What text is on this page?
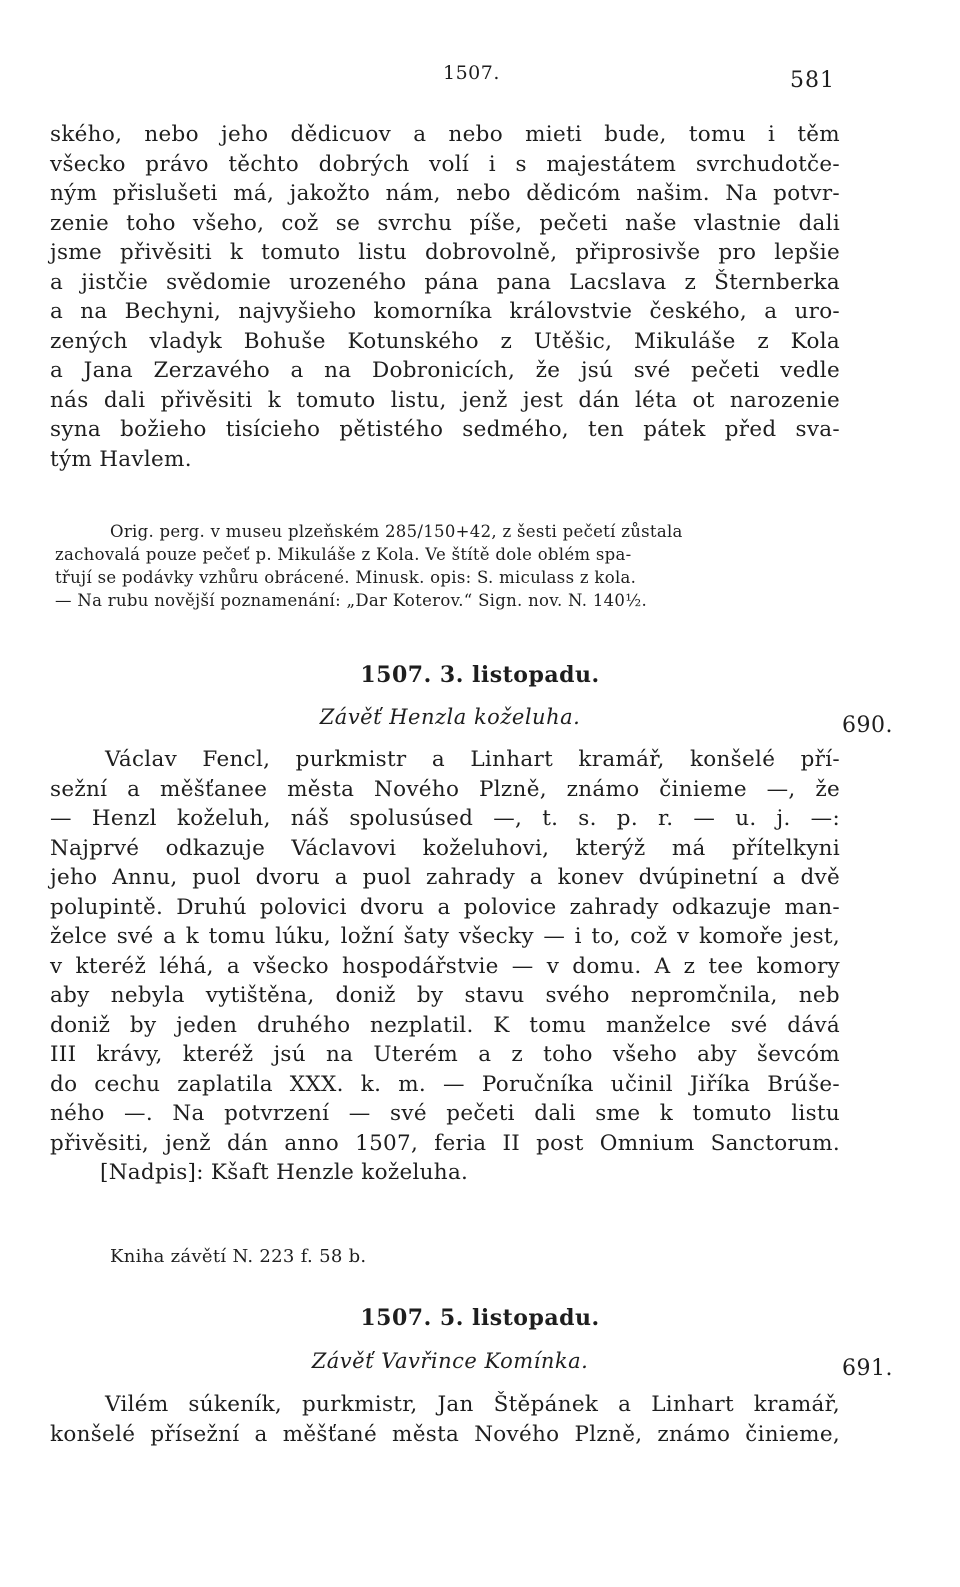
1507.	581
ského, nebo jeho dědicuov a nebo mieti bude, tomu i těm
všecko právo těchto dobrých volí i s majestátem svrchudotče-
ným přislušeti má, jakožto nám, nebo dědicóm našim. Na potvr-
zenie toho všeho, což se svrchu píše, pečeti naše vlastnie dali
jsme přivěsiti k tomuto listu dobrovolně, připrosivše pro lepšie
a jistčie svědomie urozeného pána pana Lacslava z Šternberka
a na Bechyni, najvyšieho komorníka královstvie českého, a uro-
zených vladyk Bohuše Kotunského z Utěšic, Mikuláše z Kola
a Jana Zerzavého a na Dobronicích, že jsú své pečeti vedle
nás dali přivěsiti k tomuto listu, jenž jest dán léta ot narozenie
syna božieho tisícieho pětistého sedmého, ten pátek před sva-
tým Havlem.
Orig. perg. v museu plzeňském 285/150+42, z šesti pečetí zůstala
zachovalá pouze pečeť p. Mikuláše z Kola. Ve štítě dole oblém spa-
třují se podávky vzhůru obrácené. Minusk. opis: S. miculass z kola.
— Na rubu novější poznamenání: „Dar Koterov.“ Sign. nov. N. 140½.
1507. 3. listopadu.
Závěť Henzla koželuha.	690.
Václav Fencl, purkmistr a Linhart kramář, konšelé pří-
sežní a měšťanee města Nového Plzně, známo činieme —, že
— Henzl koželuh, náš spolusúsed —, t. s. p. r. — u. j. —:
Najprvé odkazuje Václavovi koželuhovi, kterýž má přítelkyni
jeho Annu, puol dvoru a puol zahrady a konev dvúpinetní a dvě
polupintě. Druhú polovici dvoru a polovice zahrady odkazuje man-
želce své a k tomu lúku, ložní šaty všecky — i to, což v komoře jest,
v kteréž léhá, a všecko hospodářstvie — v domu. A z tee komory
aby nebyla vytištěna, doniž by stavu svého nepromčnila, neb
doniž by jeden druhého nezplatil. K tomu manželce své dává
III krávy, kteréž jsú na Uterém a z toho všeho aby ševcóm
do cechu zaplatila XXX. k. m. — Poručníka učinil Jiříka Brúše-
ného —. Na potvrzení — své pečeti dali sme k tomuto listu
přivěsiti, jenž dán anno 1507, feria II post Omnium Sanctorum.
[Nadpis]: Kšaft Henzle koželuha.
Kniha závětí N. 223 f. 58 b.
1507. 5. listopadu.
Závěť Vavřince Komínka.	691.
Vilém súkeník, purkmistr, Jan Štěpánek a Linhart kramář,
konšelé přísežní a měšťané města Nového Plzně, známo činieme,
